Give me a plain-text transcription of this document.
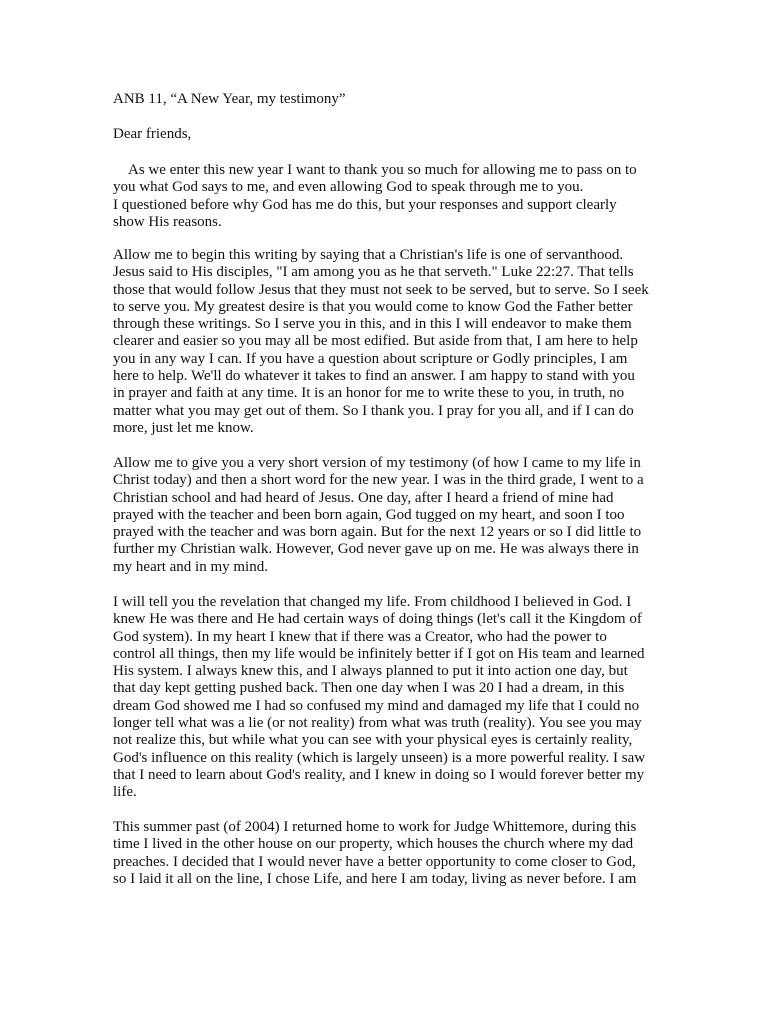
ANB 11, “A New Year, my testimony”
Dear friends,
As we enter this new year I want to thank you so much for allowing me to pass on to
you what God says to me, and even allowing God to speak through me to you.
I questioned before why God has me do this, but your responses and support clearly
show His reasons.
Allow me to begin this writing by saying that a Christian's life is one of servanthood.
Jesus said to His disciples, "I am among you as he that serveth." Luke 22:27. That tells
those that would follow Jesus that they must not seek to be served, but to serve. So I seek
to serve you. My greatest desire is that you would come to know God the Father better
through these writings. So I serve you in this, and in this I will endeavor to make them
clearer and easier so you may all be most edified. But aside from that, I am here to help
you in any way I can. If you have a question about scripture or Godly principles, I am
here to help. We'll do whatever it takes to find an answer. I am happy to stand with you
in prayer and faith at any time. It is an honor for me to write these to you, in truth, no
matter what you may get out of them. So I thank you. I pray for you all, and if I can do
more, just let me know.
Allow me to give you a very short version of my testimony (of how I came to my life in
Christ today) and then a short word for the new year. I was in the third grade, I went to a
Christian school and had heard of Jesus. One day, after I heard a friend of mine had
prayed with the teacher and been born again, God tugged on my heart, and soon I too
prayed with the teacher and was born again. But for the next 12 years or so I did little to
further my Christian walk. However, God never gave up on me. He was always there in
my heart and in my mind.
I will tell you the revelation that changed my life. From childhood I believed in God. I
knew He was there and He had certain ways of doing things (let's call it the Kingdom of
God system). In my heart I knew that if there was a Creator, who had the power to
control all things, then my life would be infinitely better if I got on His team and learned
His system. I always knew this, and I always planned to put it into action one day, but
that day kept getting pushed back. Then one day when I was 20 I had a dream, in this
dream God showed me I had so confused my mind and damaged my life that I could no
longer tell what was a lie (or not reality) from what was truth (reality). You see you may
not realize this, but while what you can see with your physical eyes is certainly reality,
God's influence on this reality (which is largely unseen) is a more powerful reality. I saw
that I need to learn about God's reality, and I knew in doing so I would forever better my
life.
This summer past (of 2004) I returned home to work for Judge Whittemore, during this
time I lived in the other house on our property, which houses the church where my dad
preaches. I decided that I would never have a better opportunity to come closer to God,
so I laid it all on the line, I chose Life, and here I am today, living as never before. I am
